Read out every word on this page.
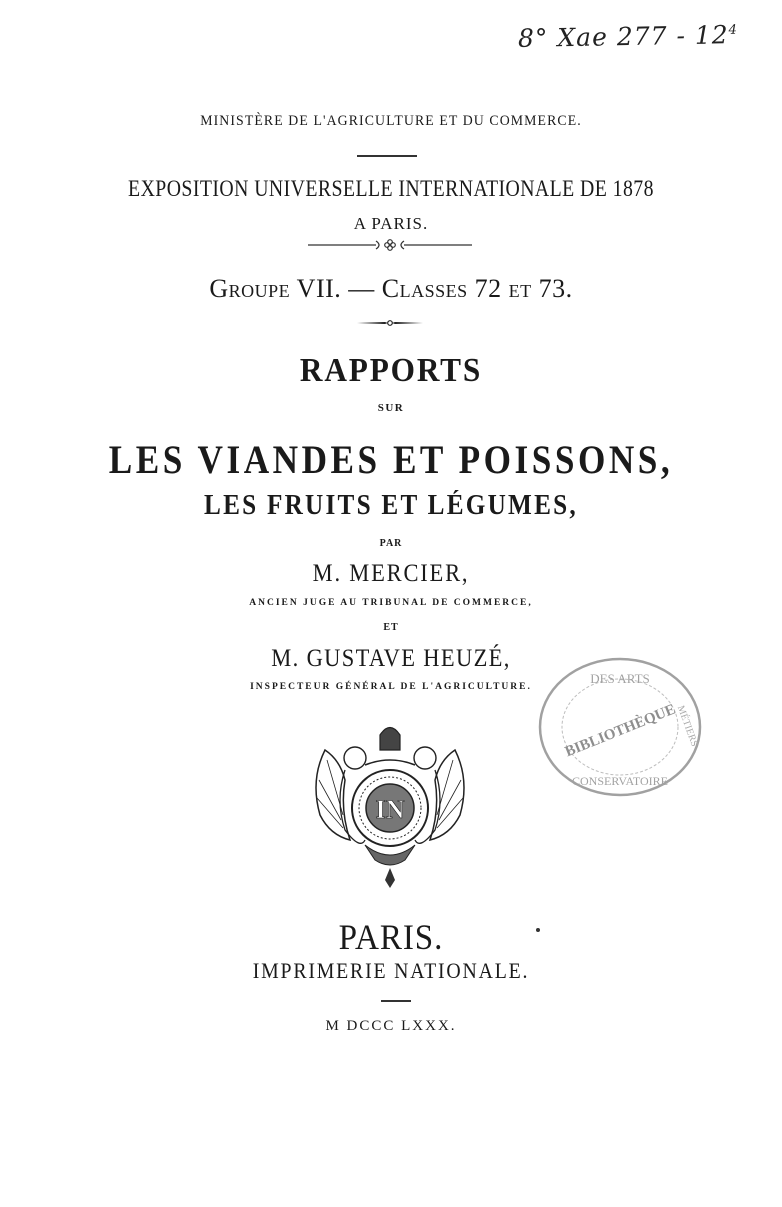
8° Xae $277 - 12^4$
MINISTÈRE DE L'AGRICULTURE ET DU COMMERCE.
EXPOSITION UNIVERSELLE INTERNATIONALE DE 1878
A PARIS.
GROUPE VII. — CLASSES 72 ET 73.
RAPPORTS
SUR
LES VIANDES ET POISSONS,
LES FRUITS ET LÉGUMES,
PAR
M. MERCIER,
ANCIEN JUGE AU TRIBUNAL DE COMMERCE,
ET
M. GUSTAVE HEUZÉ,
INSPECTEUR GÉNÉRAL DE L'AGRICULTURE.
IN
DES ARTS
BIBLIOTHÈQUE
CONSERVATOIRE
MÉTIERS
PARIS.
IMPRIMERIE NATIONALE.
M DCCC LXXX.
